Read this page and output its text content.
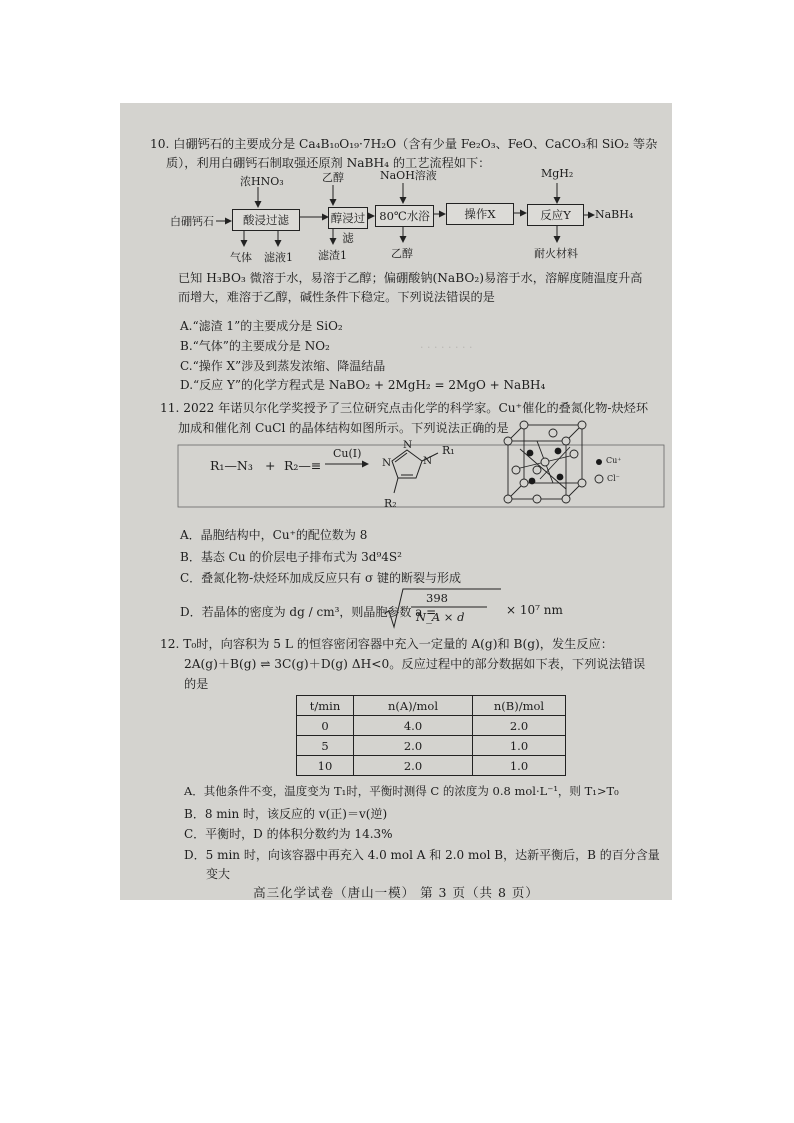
· · · · · · · ·
10. 白硼钙石的主要成分是 Ca₄B₁₀O₁₉·7H₂O（含有少量 Fe₂O₃、FeO、CaCO₃和 SiO₂ 等杂
质），利用白硼钙石制取强还原剂 NaBH₄ 的工艺流程如下：
白硼钙石	酸浸过滤	醇浸过滤
80℃水浴	操作X	反应Y	NaBH₄
浓HNO₃	乙醇	NaOH溶液	MgH₂
气体 滤液1 滤渣1	乙醇	耐火材料
已知 H₃BO₃ 微溶于水，易溶于乙醇；偏硼酸钠(NaBO₂)易溶于水，溶解度随温度升高
而增大，难溶于乙醇，碱性条件下稳定。下列说法错误的是
A.“滤渣 1”的主要成分是 SiO₂
B.“气体”的主要成分是 NO₂
C.“操作 X”涉及到蒸发浓缩、降温结晶
D.“反应 Y”的化学方程式是 NaBO₂ + 2MgH₂ = 2MgO + NaBH₄
11. 2022 年诺贝尔化学奖授予了三位研究点击化学的科学家。Cu⁺催化的叠氮化物-炔烃环
加成和催化剂 CuCl 的晶体结构如图所示。下列说法正确的是
R₁—N₃ + R₂—≡
Cu(I)
N
N
N
R₁
R₂
Cu⁺
Cl⁻
A．晶胞结构中，Cu⁺的配位数为 8
B．基态 Cu 的价层电子排布式为 3d⁹4S²
C．叠氮化物-炔烃环加成反应只有 σ 键的断裂与形成
D．若晶体的密度为 dg / cm³，则晶胞参数 a =
398
N_A × d	× 10⁷ nm
12. T₀时，向容积为 5 L 的恒容密闭容器中充入一定量的 A(g)和 B(g)，发生反应：
2A(g)＋B(g) ⇌ 3C(g)＋D(g) ΔH<0。反应过程中的部分数据如下表，下列说法错误
的是
t/min	n(A)/mol	n(B)/mol
0	4.0	2.0
5	2.0	1.0
10	2.0	1.0
A．其他条件不变，温度变为 T₁时，平衡时测得 C 的浓度为 0.8 mol·L⁻¹，则 T₁>T₀
B．8 min 时，该反应的 v(正)＝v(逆)
C．平衡时，D 的体积分数约为 14.3%
D．5 min 时，向该容器中再充入 4.0 mol A 和 2.0 mol B，达新平衡后，B 的百分含量
变大
高三化学试卷（唐山一模） 第 3 页（共 8 页）
